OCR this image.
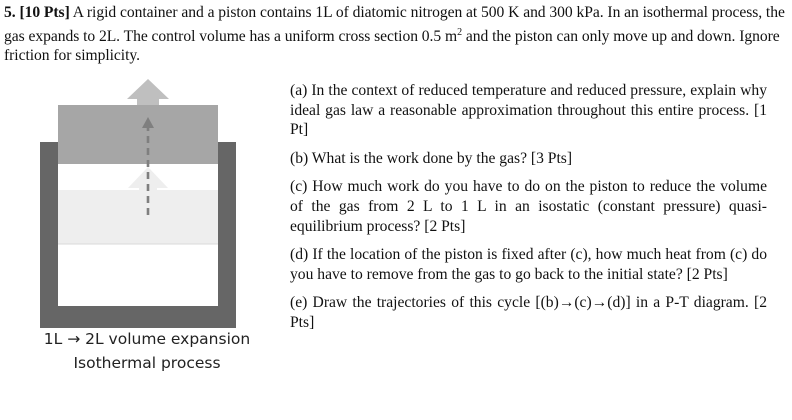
5. [10 Pts] A rigid container and a piston contains 1L of diatomic nitrogen at 500 K and 300 kPa. In an isothermal process, the gas expands to 2L. The control volume has a uniform cross section 0.5 $m^2$ and the piston can only move up and down. Ignore friction for simplicity.
1L → 2L volume expansion
Isothermal process
(a) In the context of reduced temperature and reduced pressure, explain why ideal gas law a reasonable approximation throughout this entire process. [1 Pt]
(b) What is the work done by the gas? [3 Pts]
(c) How much work do you have to do on the piston to reduce the volume of the gas from 2 L to 1 L in an isostatic (constant pressure) quasi-equilibrium process? [2 Pts]
(d) If the location of the piston is fixed after (c), how much heat from (c) do you have to remove from the gas to go back to the initial state? [2 Pts]
(e) Draw the trajectories of this cycle [(b)→(c)→(d)] in a P-T diagram. [2 Pts]
